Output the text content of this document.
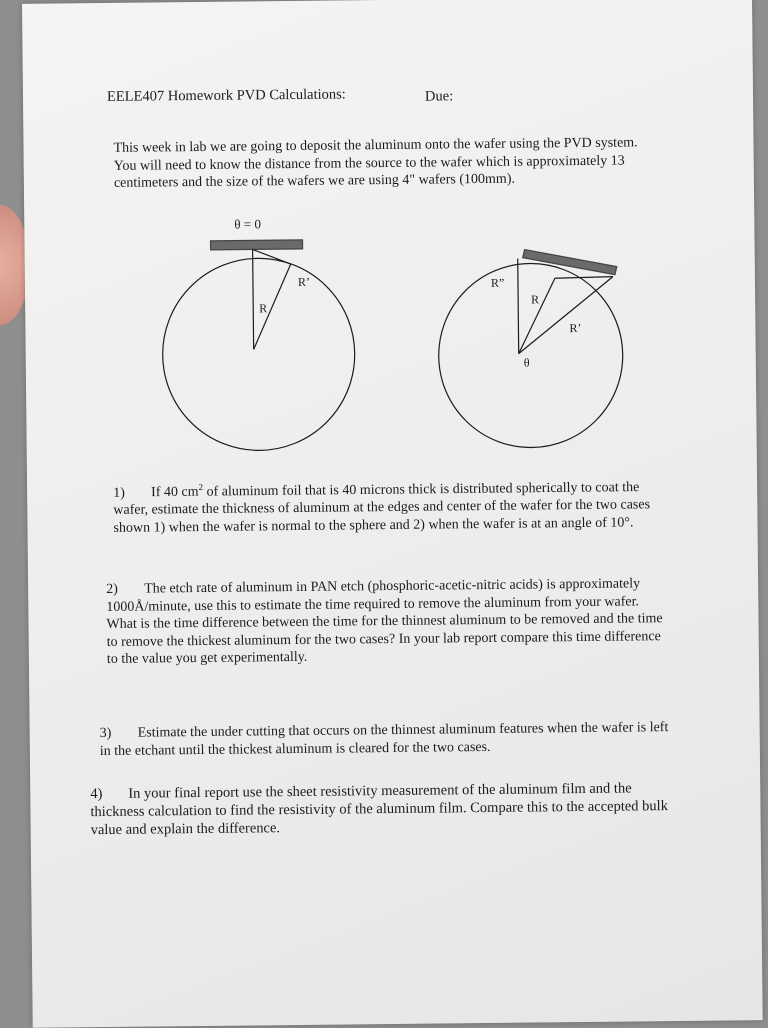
EELE407 Homework PVD Calculations:	Due:

This week in lab we are going to deposit the aluminum onto the wafer using the PVD system. You will need to know the distance from the source to the wafer which is approximately 13 centimeters and the size of the wafers we are using 4" wafers (100mm).

θ = 0
R’
R
R”
R
R’
θ

1) If 40 $cm^2$ of aluminum foil that is 40 microns thick is distributed spherically to coat the wafer, estimate the thickness of aluminum at the edges and center of the wafer for the two cases shown 1) when the wafer is normal to the sphere and 2) when the wafer is at an angle of 10°.

2) The etch rate of aluminum in PAN etch (phosphoric-acetic-nitric acids) is approximately 1000Å/minute, use this to estimate the time required to remove the aluminum from your wafer. What is the time difference between the time for the thinnest aluminum to be removed and the time to remove the thickest aluminum for the two cases? In your lab report compare this time difference to the value you get experimentally.

3) Estimate the under cutting that occurs on the thinnest aluminum features when the wafer is left in the etchant until the thickest aluminum is cleared for the two cases.

4) In your final report use the sheet resistivity measurement of the aluminum film and the thickness calculation to find the resistivity of the aluminum film. Compare this to the accepted bulk value and explain the difference.
